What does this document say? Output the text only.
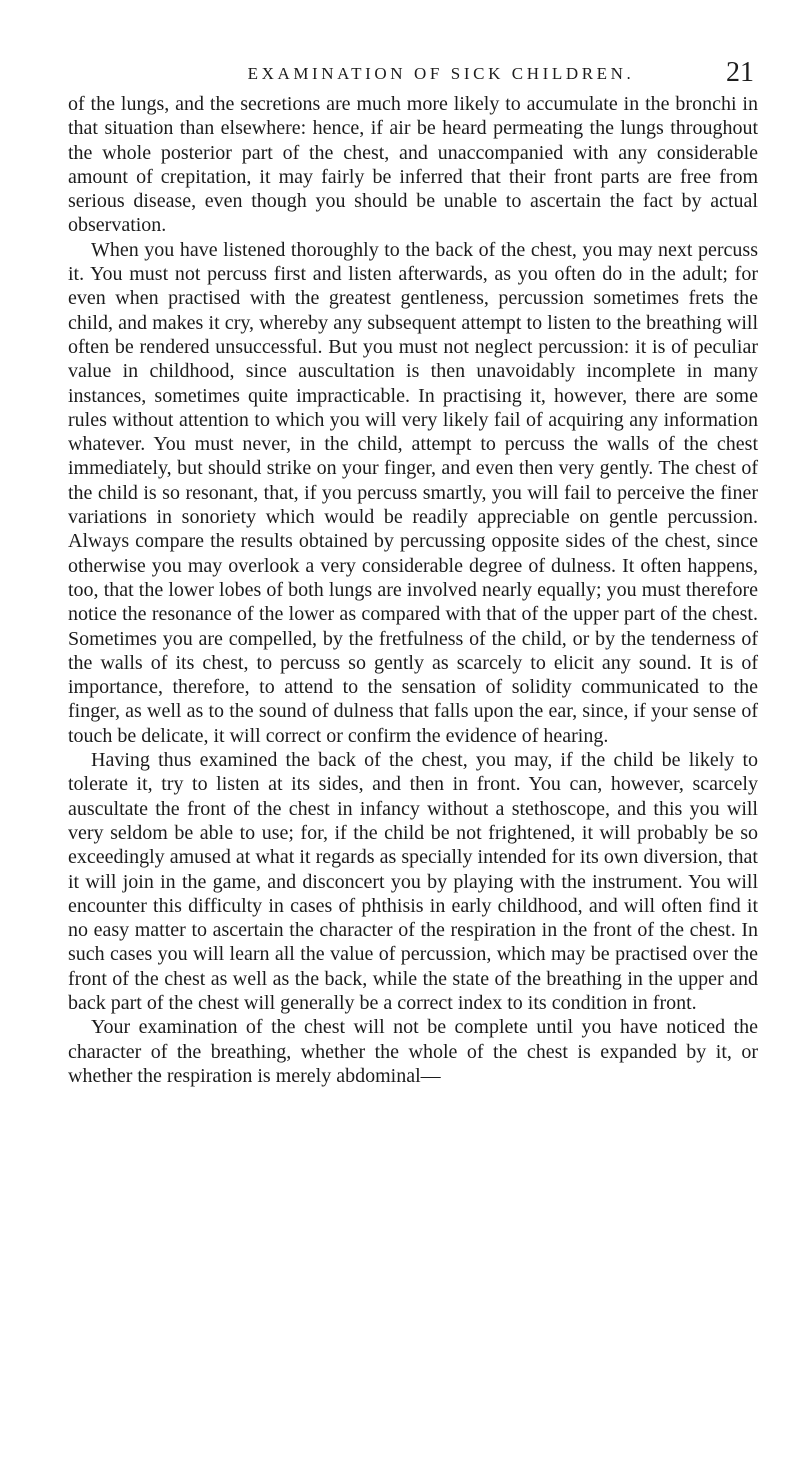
EXAMINATION OF SICK CHILDREN.	21

of the lungs, and the secretions are much more likely to accumulate in the bronchi in that situation than elsewhere: hence, if air be heard permeating the lungs throughout the whole posterior part of the chest, and unaccompanied with any considerable amount of crepitation, it may fairly be inferred that their front parts are free from serious disease, even though you should be unable to ascertain the fact by actual observation.

When you have listened thoroughly to the back of the chest, you may next percuss it. You must not percuss first and listen afterwards, as you often do in the adult; for even when practised with the greatest gentleness, percussion sometimes frets the child, and makes it cry, whereby any subsequent attempt to listen to the breathing will often be rendered unsuccessful. But you must not neglect percussion: it is of peculiar value in childhood, since auscultation is then unavoidably incomplete in many instances, sometimes quite impracticable. In practising it, however, there are some rules without attention to which you will very likely fail of acquiring any information whatever. You must never, in the child, attempt to percuss the walls of the chest immediately, but should strike on your finger, and even then very gently. The chest of the child is so resonant, that, if you percuss smartly, you will fail to perceive the finer variations in sonoriety which would be readily appreciable on gentle percussion. Always compare the results obtained by percussing opposite sides of the chest, since otherwise you may overlook a very considerable degree of dulness. It often happens, too, that the lower lobes of both lungs are involved nearly equally; you must therefore notice the resonance of the lower as compared with that of the upper part of the chest. Sometimes you are compelled, by the fretfulness of the child, or by the tenderness of the walls of its chest, to percuss so gently as scarcely to elicit any sound. It is of importance, therefore, to attend to the sensation of solidity communicated to the finger, as well as to the sound of dulness that falls upon the ear, since, if your sense of touch be delicate, it will correct or confirm the evidence of hearing.

Having thus examined the back of the chest, you may, if the child be likely to tolerate it, try to listen at its sides, and then in front. You can, however, scarcely auscultate the front of the chest in infancy without a stethoscope, and this you will very seldom be able to use; for, if the child be not frightened, it will probably be so exceedingly amused at what it regards as specially intended for its own diversion, that it will join in the game, and disconcert you by playing with the instrument. You will encounter this difficulty in cases of phthisis in early childhood, and will often find it no easy matter to ascertain the character of the respiration in the front of the chest. In such cases you will learn all the value of percussion, which may be practised over the front of the chest as well as the back, while the state of the breathing in the upper and back part of the chest will generally be a correct index to its condition in front.

Your examination of the chest will not be complete until you have noticed the character of the breathing, whether the whole of the chest is expanded by it, or whether the respiration is merely abdominal—
